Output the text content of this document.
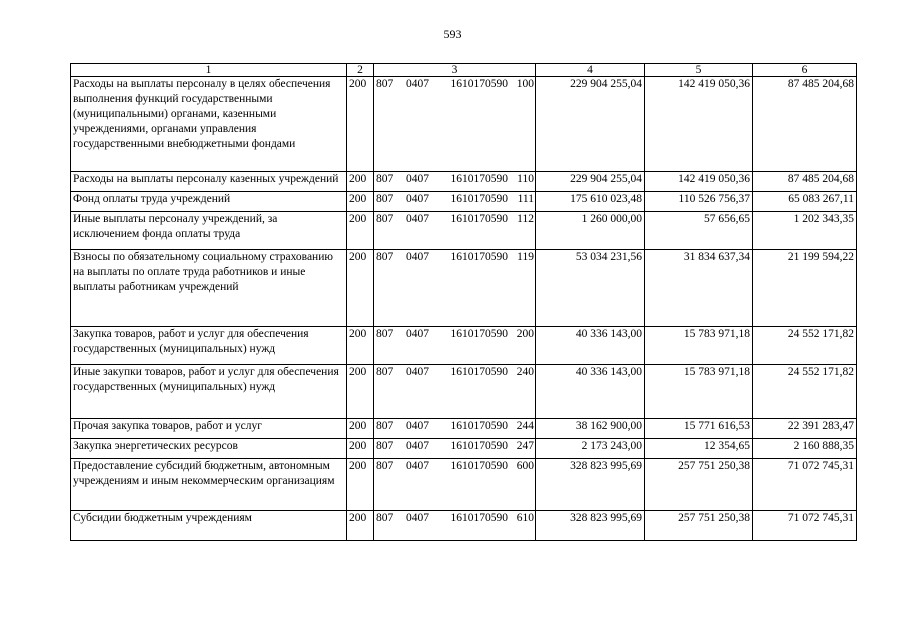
593
1	2	3	4	5	6
Расходы на выплаты персоналу в целях обеспечения выполнения функций государственными (муниципальными) органами, казенными учреждениями, органами управления государственными внебюджетными фондами	200	807 0407 1610170590 100	229 904 255,04	142 419 050,36	87 485 204,68
Расходы на выплаты персоналу казенных учреждений	200	807 0407 1610170590 110	229 904 255,04	142 419 050,36	87 485 204,68
Фонд оплаты труда учреждений	200	807 0407 1610170590 111	175 610 023,48	110 526 756,37	65 083 267,11
Иные выплаты персоналу учреждений, за исключением фонда оплаты труда	200	807 0407 1610170590 112	1 260 000,00	57 656,65	1 202 343,35
Взносы по обязательному социальному страхованию на выплаты по оплате труда работников и иные выплаты работникам учреждений	200	807 0407 1610170590 119	53 034 231,56	31 834 637,34	21 199 594,22
Закупка товаров, работ и услуг для обеспечения государственных (муниципальных) нужд	200	807 0407 1610170590 200	40 336 143,00	15 783 971,18	24 552 171,82
Иные закупки товаров, работ и услуг для обеспечения государственных (муниципальных) нужд	200	807 0407 1610170590 240	40 336 143,00	15 783 971,18	24 552 171,82
Прочая закупка товаров, работ и услуг	200	807 0407 1610170590 244	38 162 900,00	15 771 616,53	22 391 283,47
Закупка энергетических ресурсов	200	807 0407 1610170590 247	2 173 243,00	12 354,65	2 160 888,35
Предоставление субсидий бюджетным, автономным учреждениям и иным некоммерческим организациям	200	807 0407 1610170590 600	328 823 995,69	257 751 250,38	71 072 745,31
Субсидии бюджетным учреждениям	200	807 0407 1610170590 610	328 823 995,69	257 751 250,38	71 072 745,31
